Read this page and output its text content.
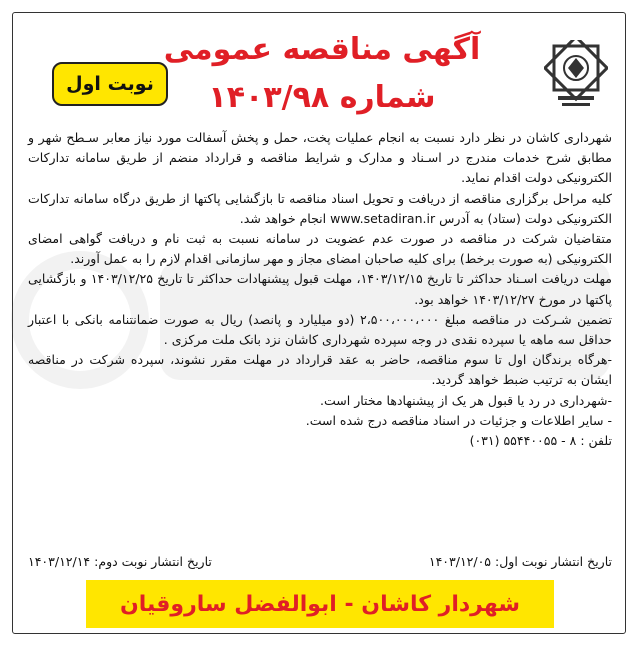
آگهی مناقصه عمومی
شماره ۱۴۰۳/۹۸
نوبت اول

شهرداری کاشان در نظر دارد نسبت به انجام عملیات پخت، حمل و پخش آسفالت مورد نیاز معابر سـطح شهر و مطابق شرح خدمات مندرج در اسـناد و مدارک و شرایط مناقصه و قرارداد منضم از طریق سامانه تدارکات الکترونیکی دولت اقدام نماید.

کلیه مراحل برگزاری مناقصه از دریافت و تحویل اسناد مناقصه تا بازگشایی پاکتها از طریق درگاه سامانه تدارکات الکترونیکی دولت (ستاد) به آدرس www.setadiran.ir انجام خواهد شد.

متقاضیان شرکت در مناقصه در صورت عدم عضویت در سامانه نسبت به ثبت نام و دریافت گواهی امضای الکترونیکی (به صورت برخط) برای کلیه صاحبان امضای مجاز و مهر سازمانی اقدام لازم را به عمل آورند.

مهلت دریافت اسـناد حداکثر تا تاریخ ۱۴۰۳/۱۲/۱۵، مهلت قبول پیشنهادات حداکثر تا تاریخ ۱۴۰۳/۱۲/۲۵ و بازگشایی پاکتها در مورخ ۱۴۰۳/۱۲/۲۷ خواهد بود.

تضمین شـرکت در مناقصه مبلغ ۲،۵۰۰،۰۰۰،۰۰۰ (دو میلیارد و پانصد) ریال به صورت ضمانتنامه بانکی با اعتبار حداقل سه ماهه یا سپرده نقدی در وجه سپرده شهرداری کاشان نزد بانک ملت مرکزی .

-هرگاه برندگان اول تا سوم مناقصه، حاضر به عقد قرارداد در مهلت مقرر نشوند، سپرده شرکت در مناقصه ایشان به ترتیب ضبط خواهد گردید.

-شهرداری در رد یا قبول هر یک از پیشنهادها مختار است.

- سایر اطلاعات و جزئیات در اسناد مناقصه درج شده است.

تلفن : ۸ - ۵۵۴۴۰۰۵۵ (۰۳۱)

تاریخ انتشار نوبت اول: ۱۴۰۳/۱۲/۰۵
تاریخ انتشار نوبت دوم: ۱۴۰۳/۱۲/۱۴
شهردار کاشان - ابوالفضل ساروقیان
